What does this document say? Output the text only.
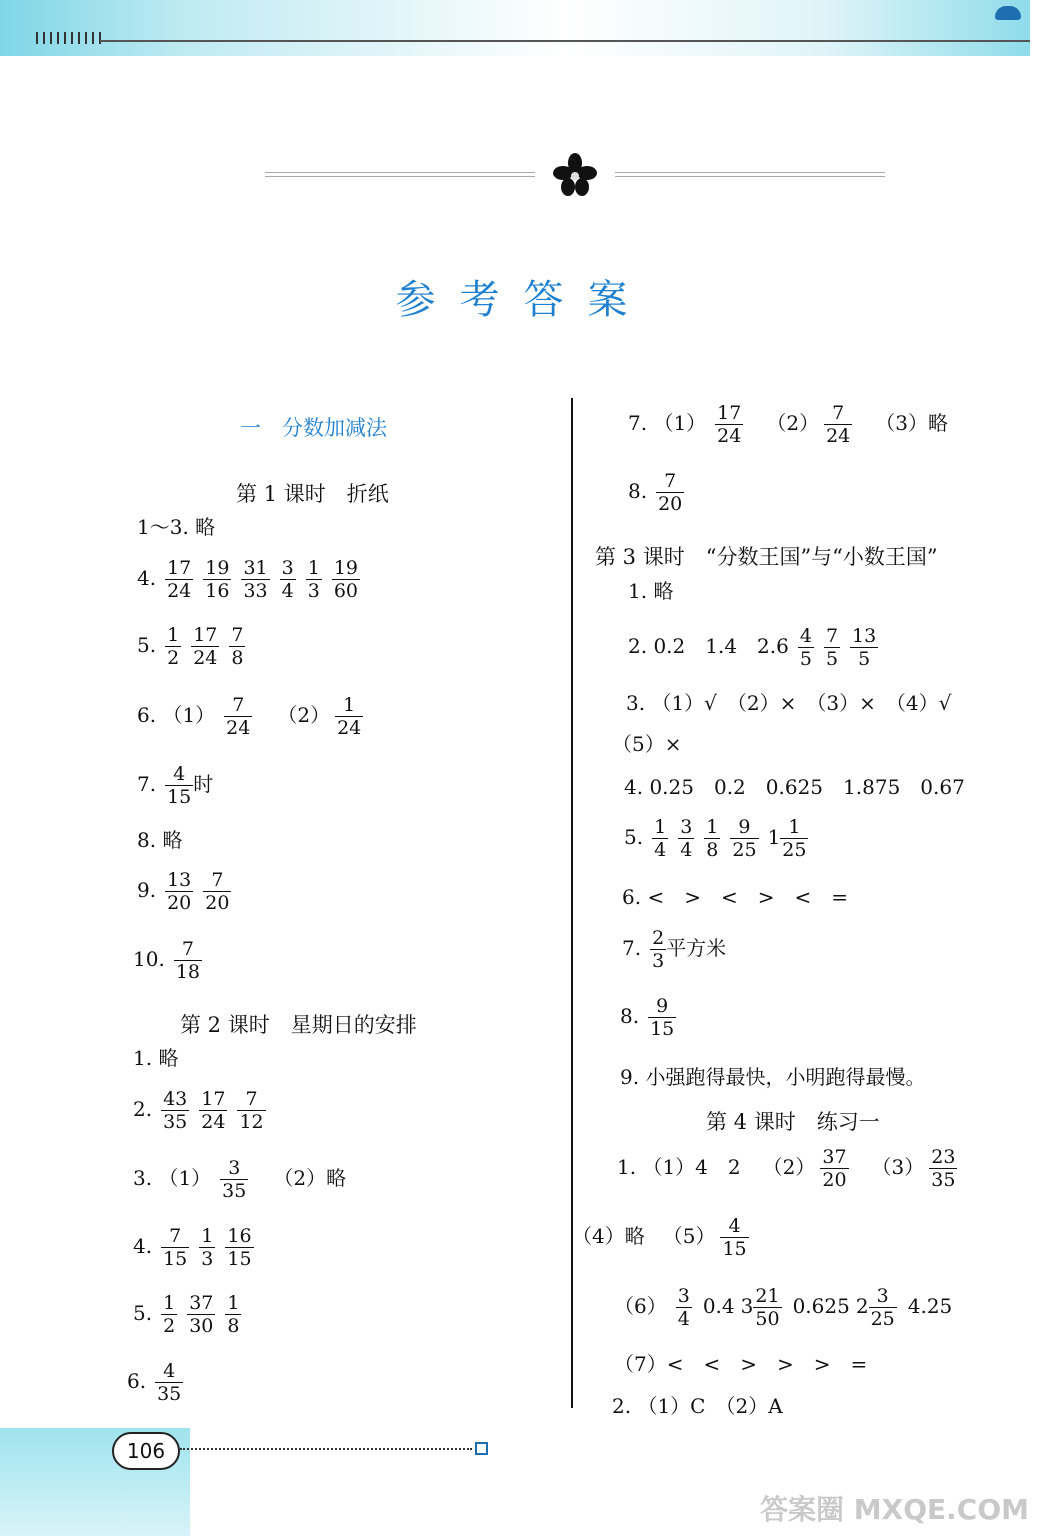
参考答案
一　分数加减法
第 1 课时　折纸
1～3. 略
4. $\frac{17}{24} \frac{19}{16} \frac{31}{33} \frac{3}{4} \frac{1}{3} \frac{19}{60}$
5. $\frac{1}{2} \frac{17}{24} \frac{7}{8}$
6. $(1) \frac{7}{24} (2) \frac{1}{24}$
7. $\frac{4}{15}$ 时
8. 略
9. $\frac{13}{20} \frac{7}{20}$
10. $\frac{7}{18}$
第 2 课时　星期日的安排
1. 略
2. $\frac{43}{35} \frac{17}{24} \frac{7}{12}$
3. $(1) \frac{3}{35} (2)$略
4. $\frac{7}{15} \frac{1}{3} \frac{16}{15}$
5. $\frac{1}{2} \frac{37}{30} \frac{1}{8}$
6. $\frac{4}{35}$
7. $(1) \frac{17}{24} (2) \frac{7}{24} (3)$略
8. $\frac{7}{20}$
第 3 课时　“分数王国”与“小数王国”
1. 略
2. 0.2　1.4　$2.6 \frac{4}{5} \frac{7}{5} \frac{13}{5}$
3. （1）√　（2）×　（3）×　（4）√
（5）×
4. 0.25　0.2　0.625　1.875　0.67
5. $\frac{1}{4} \frac{3}{4} \frac{1}{8} \frac{9}{25} 1 \frac{1}{25}$
6. <　>　<　>　<　=
7. $\frac{2}{3}$ 平方米
8. $\frac{9}{15}$
9. 小强跑得最快，小明跑得最慢。
第 4 课时　练习一
1. （1）4　2 $(2) \frac{37}{20} (3) \frac{23}{35}$
（4）略 $(5) \frac{4}{15}$
$(6) \frac{3}{4} 0.4$ $3 \frac{21}{50} 0.625$ $2 \frac{3}{25} 4.25$
（7）<　<　>　>　>　=
2. （1）C　（2）A
106
答案圈 MXQE.COM
